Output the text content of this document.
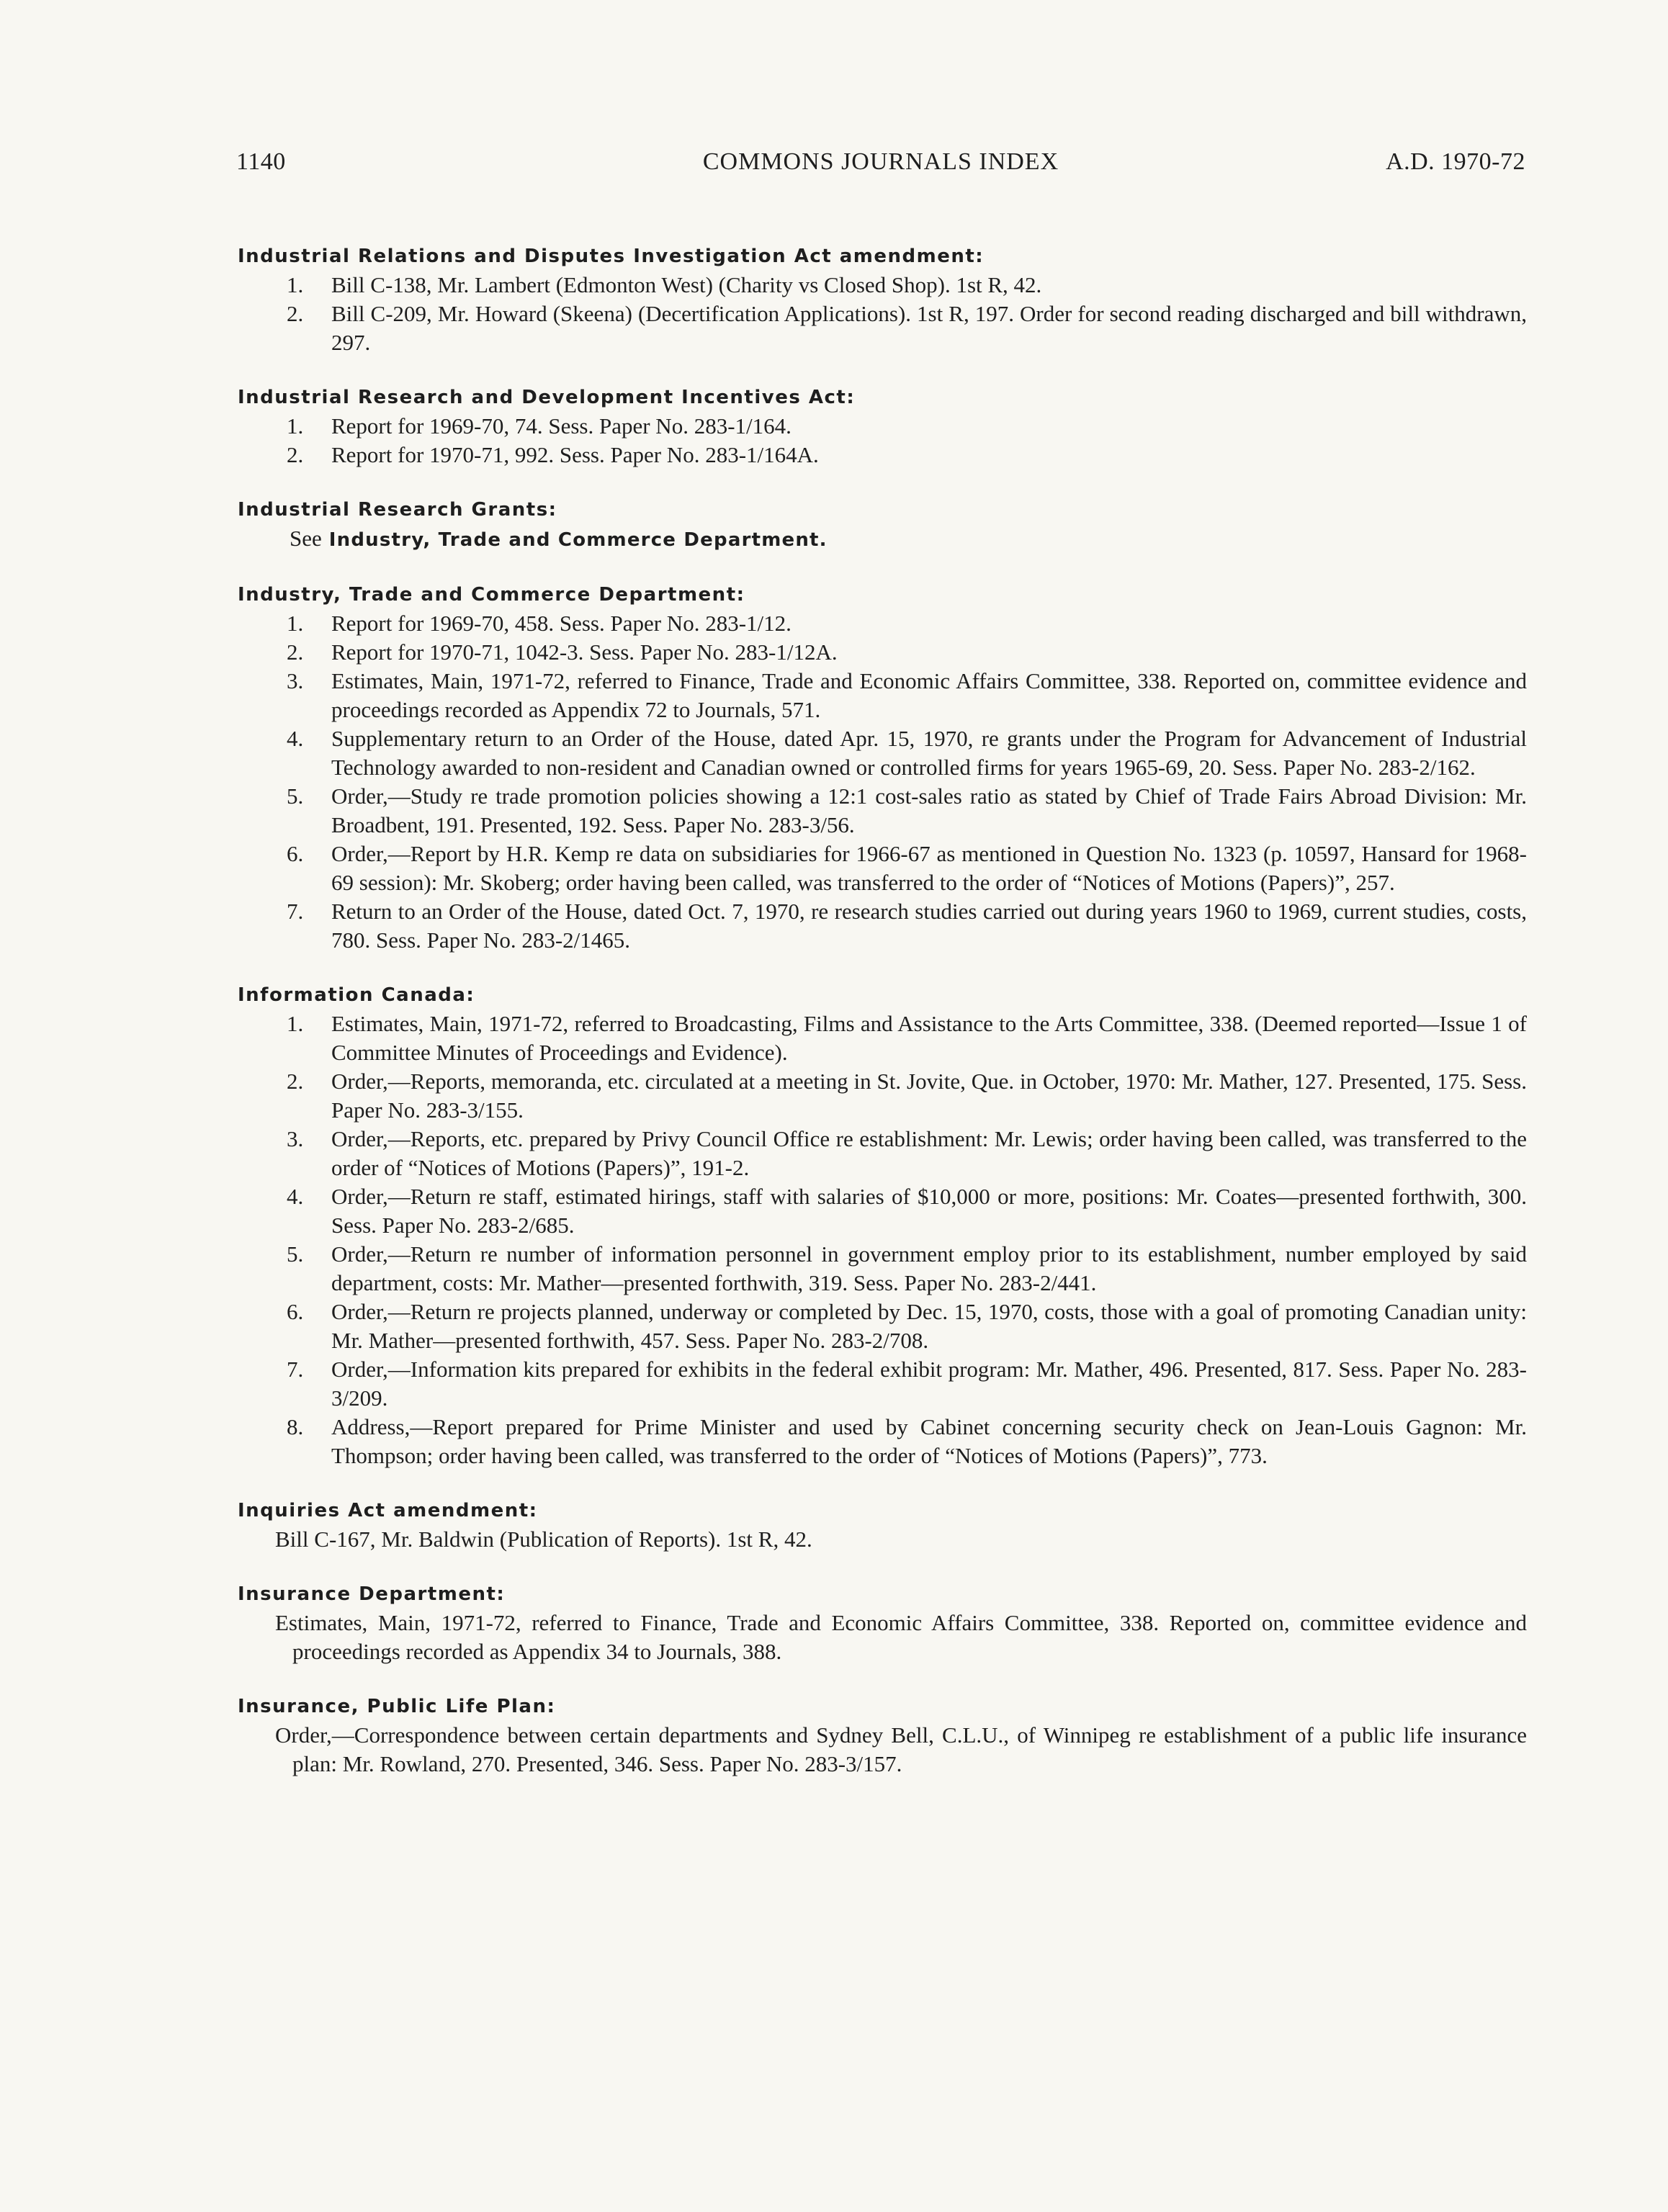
1140	COMMONS JOURNALS INDEX	A.D. 1970-72
Industrial Relations and Disputes Investigation Act amendment:
1. Bill C-138, Mr. Lambert (Edmonton West) (Charity vs Closed Shop). 1st R, 42.
2. Bill C-209, Mr. Howard (Skeena) (Decertification Applications). 1st R, 197. Order for second reading discharged and bill withdrawn, 297.
Industrial Research and Development Incentives Act:
1. Report for 1969-70, 74. Sess. Paper No. 283-1/164.
2. Report for 1970-71, 992. Sess. Paper No. 283-1/164A.
Industrial Research Grants:
See Industry, Trade and Commerce Department.
Industry, Trade and Commerce Department:
1. Report for 1969-70, 458. Sess. Paper No. 283-1/12.
2. Report for 1970-71, 1042-3. Sess. Paper No. 283-1/12A.
3. Estimates, Main, 1971-72, referred to Finance, Trade and Economic Affairs Committee, 338. Reported on, committee evidence and proceedings recorded as Appendix 72 to Journals, 571.
4. Supplementary return to an Order of the House, dated Apr. 15, 1970, re grants under the Program for Advancement of Industrial Technology awarded to non-resident and Canadian owned or controlled firms for years 1965-69, 20. Sess. Paper No. 283-2/162.
5. Order,—Study re trade promotion policies showing a 12:1 cost-sales ratio as stated by Chief of Trade Fairs Abroad Division: Mr. Broadbent, 191. Presented, 192. Sess. Paper No. 283-3/56.
6. Order,—Report by H.R. Kemp re data on subsidiaries for 1966-67 as mentioned in Question No. 1323 (p. 10597, Hansard for 1968-69 session): Mr. Skoberg; order having been called, was transferred to the order of “Notices of Motions (Papers)”, 257.
7. Return to an Order of the House, dated Oct. 7, 1970, re research studies carried out during years 1960 to 1969, current studies, costs, 780. Sess. Paper No. 283-2/1465.
Information Canada:
1. Estimates, Main, 1971-72, referred to Broadcasting, Films and Assistance to the Arts Committee, 338. (Deemed reported—Issue 1 of Committee Minutes of Proceedings and Evidence).
2. Order,—Reports, memoranda, etc. circulated at a meeting in St. Jovite, Que. in October, 1970: Mr. Mather, 127. Presented, 175. Sess. Paper No. 283-3/155.
3. Order,—Reports, etc. prepared by Privy Council Office re establishment: Mr. Lewis; order having been called, was transferred to the order of “Notices of Motions (Papers)”, 191-2.
4. Order,—Return re staff, estimated hirings, staff with salaries of $10,000 or more, positions: Mr. Coates—presented forthwith, 300. Sess. Paper No. 283-2/685.
5. Order,—Return re number of information personnel in government employ prior to its establishment, number employed by said department, costs: Mr. Mather—presented forthwith, 319. Sess. Paper No. 283-2/441.
6. Order,—Return re projects planned, underway or completed by Dec. 15, 1970, costs, those with a goal of promoting Canadian unity: Mr. Mather—presented forthwith, 457. Sess. Paper No. 283-2/708.
7. Order,—Information kits prepared for exhibits in the federal exhibit program: Mr. Mather, 496. Presented, 817. Sess. Paper No. 283-3/209.
8. Address,—Report prepared for Prime Minister and used by Cabinet concerning security check on Jean-Louis Gagnon: Mr. Thompson; order having been called, was transferred to the order of “Notices of Motions (Papers)”, 773.
Inquiries Act amendment:
Bill C-167, Mr. Baldwin (Publication of Reports). 1st R, 42.
Insurance Department:
Estimates, Main, 1971-72, referred to Finance, Trade and Economic Affairs Committee, 338. Reported on, committee evidence and proceedings recorded as Appendix 34 to Journals, 388.
Insurance, Public Life Plan:
Order,—Correspondence between certain departments and Sydney Bell, C.L.U., of Winnipeg re establishment of a public life insurance plan: Mr. Rowland, 270. Presented, 346. Sess. Paper No. 283-3/157.
